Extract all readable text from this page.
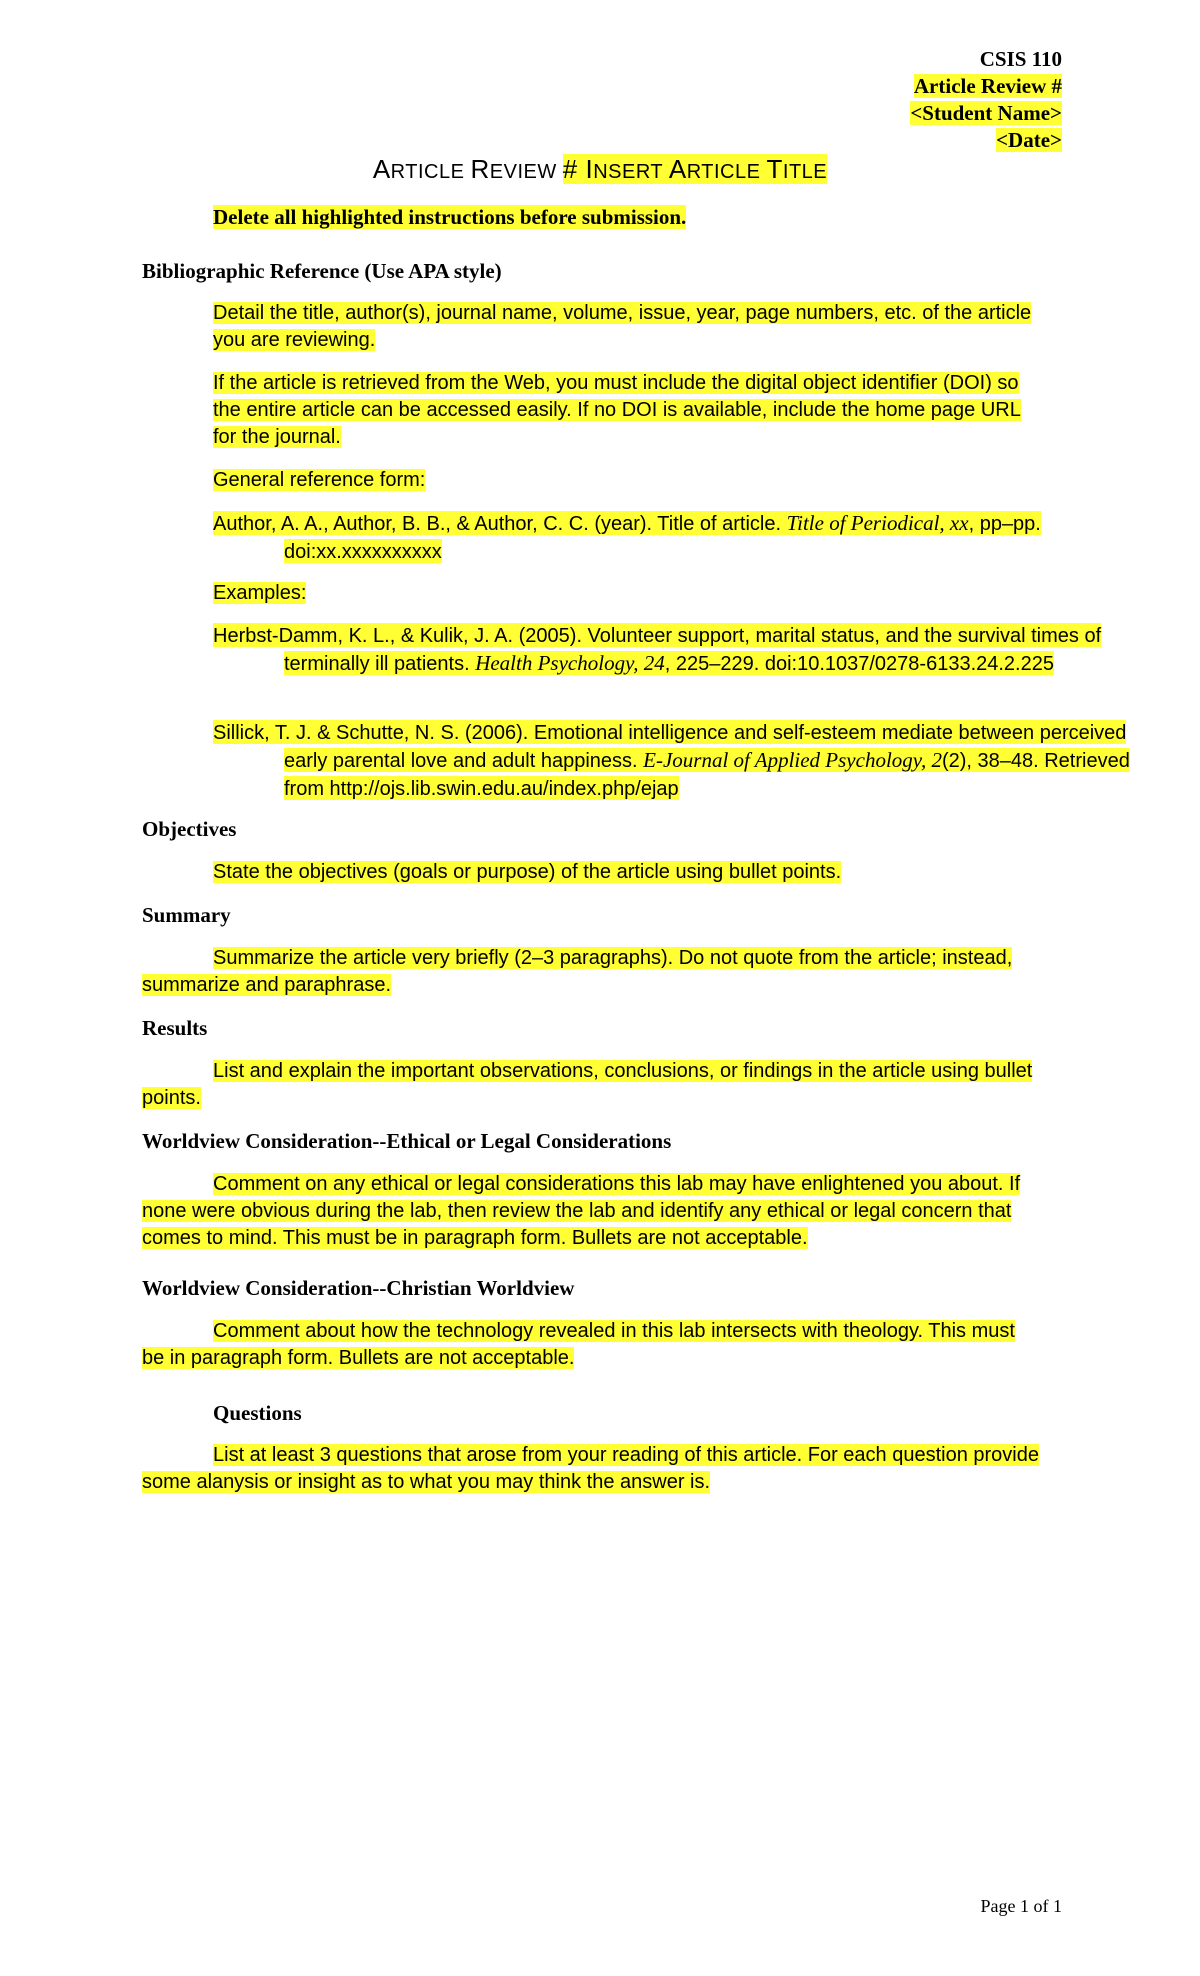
CSIS 110
Article Review #
<Student Name>
<Date>
ARTICLE REVIEW # INSERT ARTICLE TITLE
Delete all highlighted instructions before submission.
Bibliographic Reference (Use APA style)
Detail the title, author(s), journal name, volume, issue, year, page numbers, etc. of the article you are reviewing.
If the article is retrieved from the Web, you must include the digital object identifier (DOI) so the entire article can be accessed easily. If no DOI is available, include the home page URL for the journal.
General reference form:
Author, A. A., Author, B. B., & Author, C. C. (year). Title of article. Title of Periodical, xx, pp–pp. doi:xx.xxxxxxxxxx
Examples:
Herbst-Damm, K. L., & Kulik, J. A. (2005). Volunteer support, marital status, and the survival times of terminally ill patients. Health Psychology, 24, 225–229. doi:10.1037/0278-6133.24.2.225
Sillick, T. J. & Schutte, N. S. (2006). Emotional intelligence and self-esteem mediate between perceived early parental love and adult happiness. E-Journal of Applied Psychology, 2(2), 38–48. Retrieved from http://ojs.lib.swin.edu.au/index.php/ejap
Objectives
State the objectives (goals or purpose) of the article using bullet points.
Summary
Summarize the article very briefly (2–3 paragraphs). Do not quote from the article; instead, summarize and paraphrase.
Results
List and explain the important observations, conclusions, or findings in the article using bullet points.
Worldview Consideration--Ethical or Legal Considerations
Comment on any ethical or legal considerations this lab may have enlightened you about. If none were obvious during the lab, then review the lab and identify any ethical or legal concern that comes to mind. This must be in paragraph form. Bullets are not acceptable.
Worldview Consideration--Christian Worldview
Comment about how the technology revealed in this lab intersects with theology. This must be in paragraph form. Bullets are not acceptable.
Questions
List at least 3 questions that arose from your reading of this article. For each question provide some alanysis or insight as to what you may think the answer is.
Page 1 of 1
